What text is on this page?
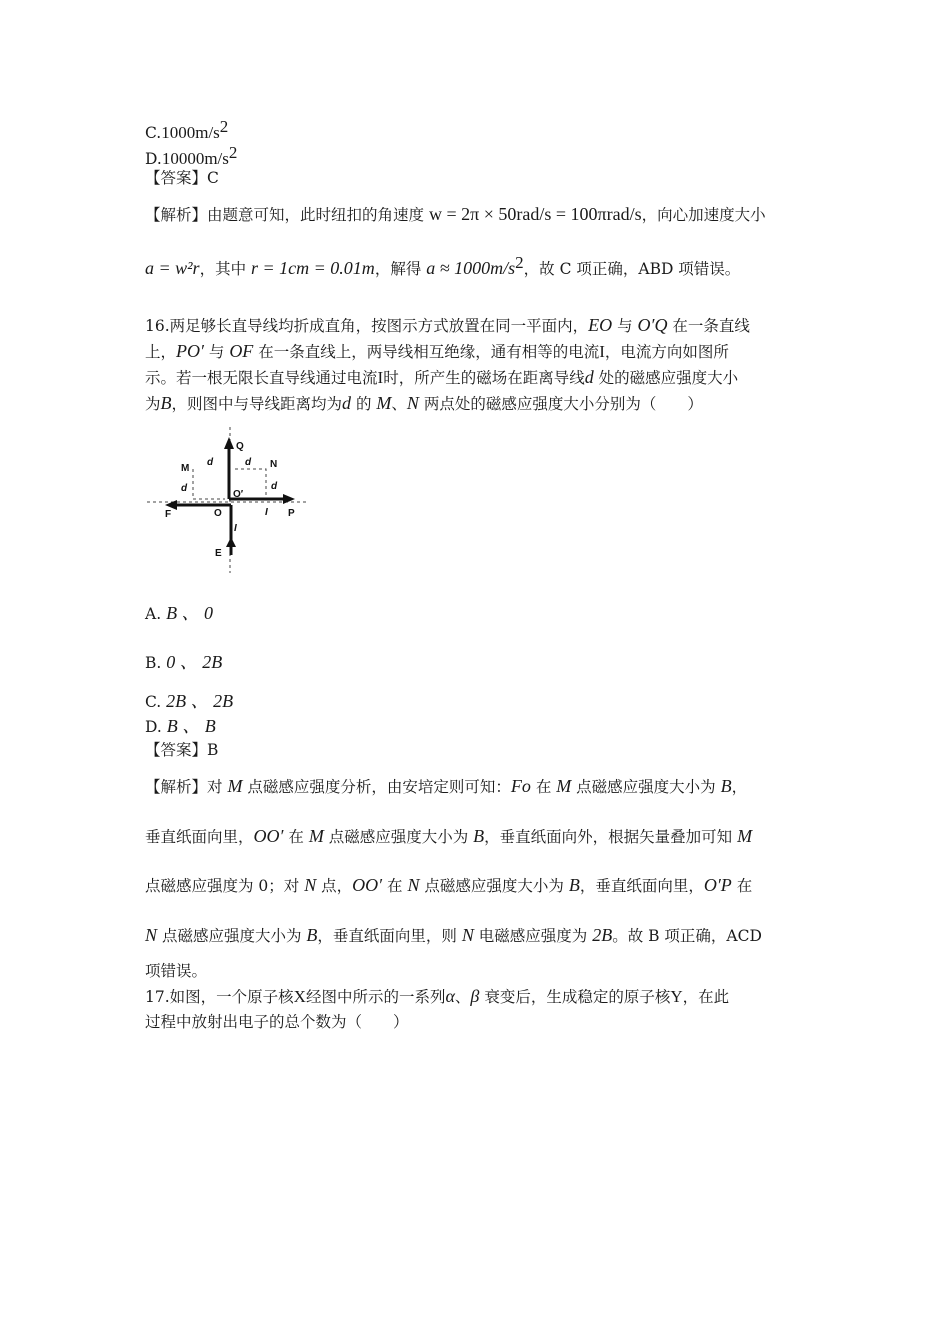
$C.1000m/s^2$
$D.10000m/s^2$
【答案】C
【解析】由题意可知，此时纽扣的角速度 w = 2π × 50rad/s = 100πrad/s，向心加速度大小
a = w²r，其中 r = 1cm = 0.01m，解得 $a \approx 1000m/s^2$，故 C 项正确，ABD 项错误。
16.两足够长直导线均折成直角，按图示方式放置在同一平面内，EO 与 O′Q 在一条直线
上，PO′ 与 OF 在一条直线上，两导线相互绝缘，通有相等的电流I，电流方向如图所
示。若一根无限长直导线通过电流I时，所产生的磁场在距离导线d 处的磁感应强度大小
为B，则图中与导线距离均为d 的 M、N 两点处的磁感应强度大小分别为（　　）
Q
M	N
d	d
d	d
O′
F	O	I P
I
E
A. B 、 0
B. 0 、 2B
C. 2B 、 2B
D. B 、 B
【答案】B
【解析】对 M 点磁感应强度分析，由安培定则可知：Fo 在 M 点磁感应强度大小为 B，
垂直纸面向里，OO′ 在 M 点磁感应强度大小为 B，垂直纸面向外，根据矢量叠加可知 M
点磁感应强度为 0；对 N 点，OO′ 在 N 点磁感应强度大小为 B，垂直纸面向里，O′P 在
N 点磁感应强度大小为 B，垂直纸面向里，则 N 电磁感应强度为 2B。故 B 项正确，ACD
项错误。
17.如图，一个原子核X经图中所示的一系列α、β 衰变后，生成稳定的原子核Y，在此
过程中放射出电子的总个数为（　　）
